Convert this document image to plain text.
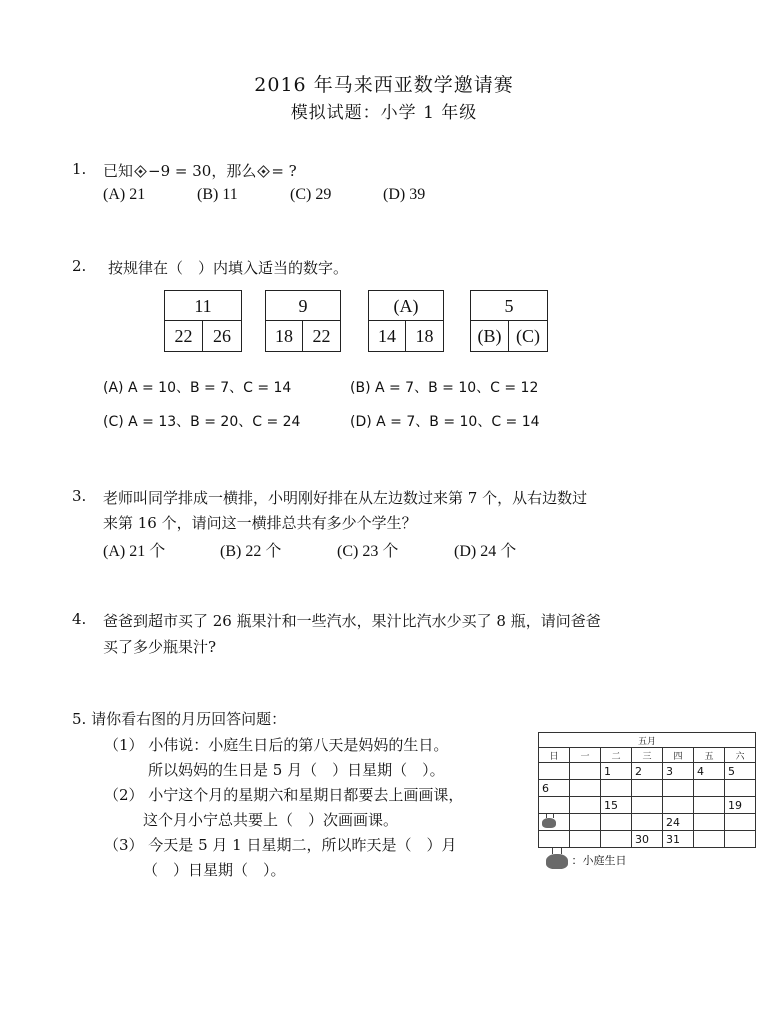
2016 年马来西亚数学邀请赛
模拟试题：小学 1 年级
1. 已知 −9 = 30，那么 = ?
(A) 21	(B) 11	(C) 29	(D) 39
2. 按规律在（　）内填入适当的数字。
11
22	26
9
18	22
(A)
14	18
5
(B) (C)
(A) A = 10、B = 7、C = 14	(B) A = 7、B = 10、C = 12
(C) A = 13、B = 20、C = 24	(D) A = 7、B = 10、C = 14
3. 老师叫同学排成一横排，小明刚好排在从左边数过来第 7 个，从右边数过
来第 16 个，请问这一横排总共有多少个学生？
(A) 21 个	(B) 22 个	(C) 23 个	(D) 24 个
4. 爸爸到超市买了 26 瓶果汁和一些汽水，果汁比汽水少买了 8 瓶，请问爸爸
买了多少瓶果汁?
5. 请你看右图的月历回答问题：
（1） 小伟说：小庭生日后的第八天是妈妈的生日。
所以妈妈的生日是 5 月（　）日星期（　）。
（2） 小宁这个月的星期六和星期日都要去上画画课，
这个月小宁总共要上（　）次画画课。
（3） 今天是 5 月 1 日星期二，所以昨天是（　）月
（　）日星期（　）。
五月						
日	一	二	三	四	五	六
		1	2	3	4	5
6						
		15				19
				24		
			30	31		
：小庭生日
